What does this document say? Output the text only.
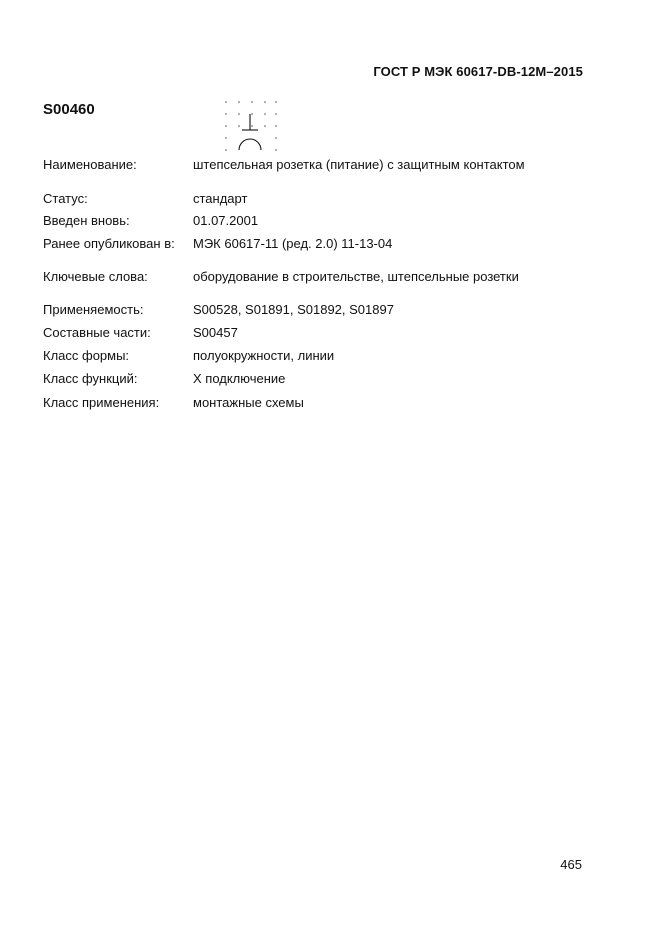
ГОСТ Р МЭК 60617-DB-12M–2015
S00460
Наименование:	штепсельная розетка (питание) с защитным контактом
Статус:	стандарт
Введен вновь:	01.07.2001
Ранее опубликован в: МЭК 60617-11 (ред. 2.0) 11-13-04
Ключевые слова:	оборудование в строительстве, штепсельные розетки
Применяемость:	S00528, S01891, S01892, S01897
Составные части:	S00457
Класс формы:	полуокружности, линии
Класс функций:	X подключение
Класс применения:	монтажные схемы
465
